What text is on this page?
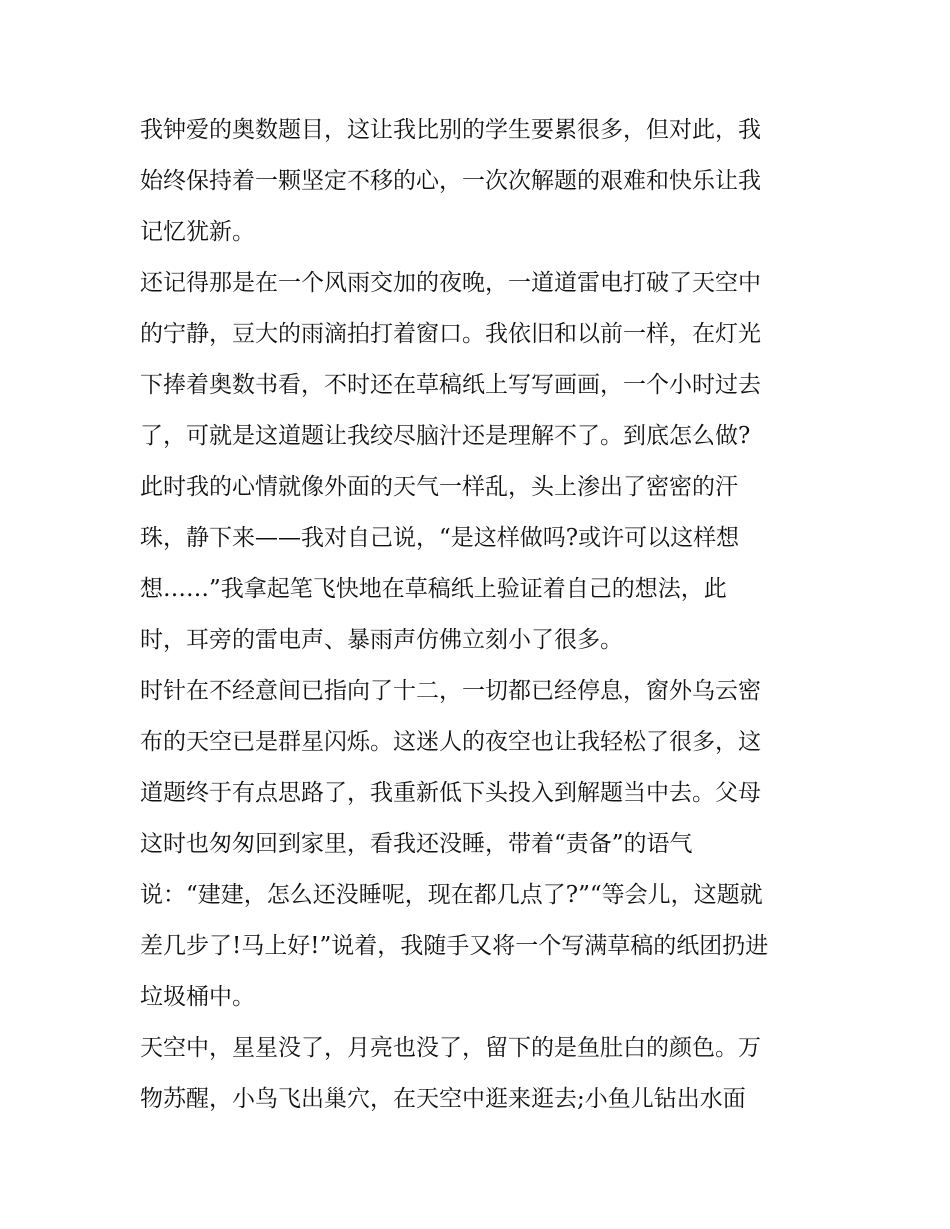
我钟爱的奥数题目，这让我比别的学生要累很多，但对此，我
始终保持着一颗坚定不移的心，一次次解题的艰难和快乐让我
记忆犹新。
还记得那是在一个风雨交加的夜晚，一道道雷电打破了天空中
的宁静，豆大的雨滴拍打着窗口。我依旧和以前一样，在灯光
下捧着奥数书看，不时还在草稿纸上写写画画，一个小时过去
了，可就是这道题让我绞尽脑汁还是理解不了。到底怎么做?
此时我的心情就像外面的天气一样乱，头上渗出了密密的汗
珠，静下来——我对自己说，“是这样做吗?或许可以这样想
想……”我拿起笔飞快地在草稿纸上验证着自己的想法，此
时，耳旁的雷电声、暴雨声仿佛立刻小了很多。
时针在不经意间已指向了十二，一切都已经停息，窗外乌云密
布的天空已是群星闪烁。这迷人的夜空也让我轻松了很多，这
道题终于有点思路了，我重新低下头投入到解题当中去。父母
这时也匆匆回到家里，看我还没睡，带着“责备”的语气
说：“建建，怎么还没睡呢，现在都几点了?”“等会儿，这题就
差几步了!马上好!”说着，我随手又将一个写满草稿的纸团扔进
垃圾桶中。
天空中，星星没了，月亮也没了，留下的是鱼肚白的颜色。万
物苏醒，小鸟飞出巢穴，在天空中逛来逛去;小鱼儿钻出水面
